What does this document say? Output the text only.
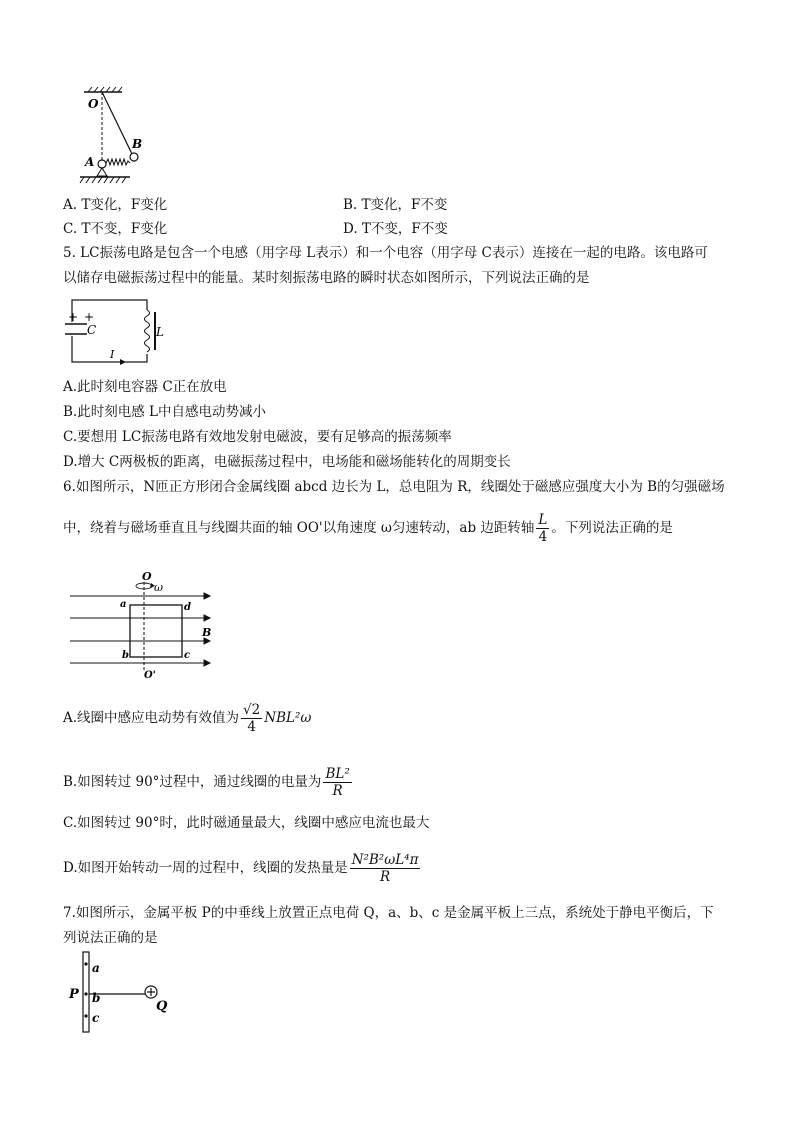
O
A
B
A. T变化，F变化	B. T变化，F不变
C. T不变，F变化	D. T不变，F不变
5. LC振荡电路是包含一个电感（用字母 L表示）和一个电容（用字母 C表示）连接在一起的电路。该电路可
以储存电磁振荡过程中的能量。某时刻振荡电路的瞬时状态如图所示，下列说法正确的是
+ +
C	L
I
A.此时刻电容器 C正在放电
B.此时刻电感 L中自感电动势减小
C.要想用 LC振荡电路有效地发射电磁波，要有足够高的振荡频率
D.增大 C两极板的距离，电磁振荡过程中，电场能和磁场能转化的周期变长
6.如图所示，N匝正方形闭合金属线圈 abcd 边长为 L，总电阻为 R，线圈处于磁感应强度大小为 B的匀强磁场
中，绕着与磁场垂直且与线圈共面的轴 OO'以角速度 ω匀速转动，ab 边距转轴 $\frac{L}{4}$ 。下列说法正确的是
O
ω
a	d
b	c
B
O'
A.线圈中感应电动势有效值为 $\frac{√2}{4} NBL^2\omega$
B.如图转过 90°过程中，通过线圈的电量为 $\frac{\text{BL²}}{R}$
C.如图转过 90°时，此时磁通量最大，线圈中感应电流也最大
D.如图开始转动一周的过程中，线圈的发热量是 $\frac{\text{N²B²ωL⁴π}}{R}$
7.如图所示，金属平板 P的中垂线上放置正点电荷 Q，a、b、c 是金属平板上三点，系统处于静电平衡后，下
列说法正确的是
a
b
c
P
Q
